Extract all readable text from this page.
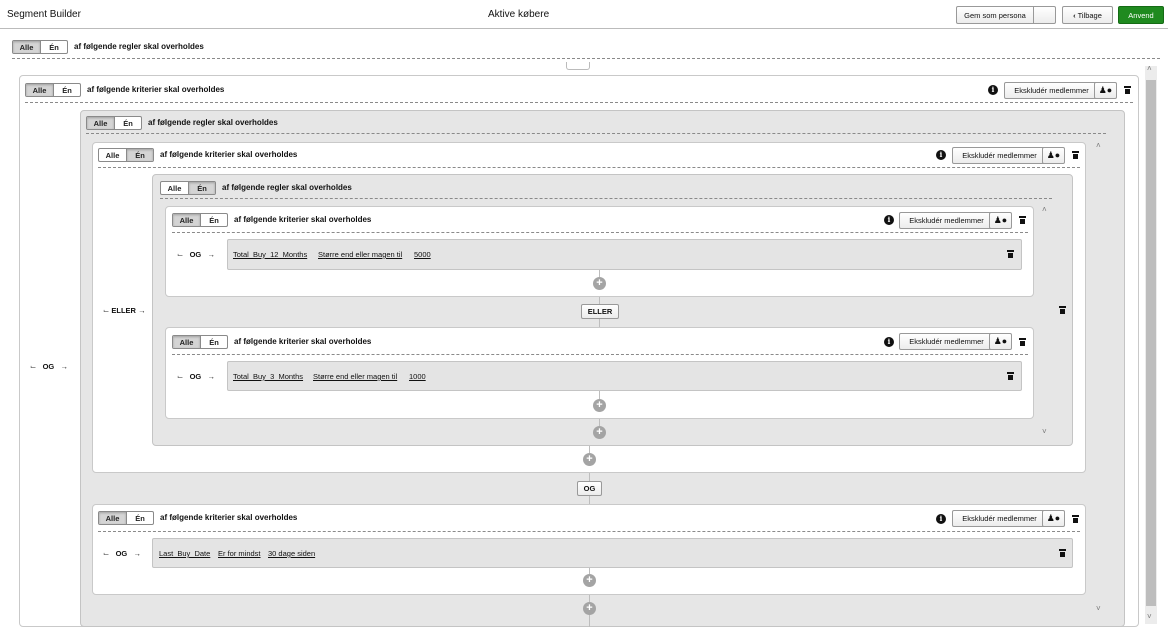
Segment Builder	Aktive købere	Gem som persona	‹ Tilbage	Anvend
Alle	Én	af følgende regler skal overholdes
˄
˅
Alle	Én	af følgende kriterier skal overholdes	i	Ekskludér medlemmer	♟●
⌙ OG   →
Alle	Én	af følgende regler skal overholdes
˄
˅
Alle	Én	af følgende kriterier skal overholdes	i	Ekskludér medlemmer	♟●
⌙ ELLER →
Alle	Én	af følgende regler skal overholdes
˄
˅
Alle	Én	af følgende kriterier skal overholdes	i	Ekskludér medlemmer	♟●
⌙ OG   → Total_Buy_12_Months Større end eller magen til 5000
+
ELLER
Alle	Én	af følgende kriterier skal overholdes	i	Ekskludér medlemmer	♟●
⌙ OG   → Total_Buy_3_Months Større end eller magen til 1000
+
+
+
OG
Alle	Én	af følgende kriterier skal overholdes	i	Ekskludér medlemmer	♟●
⌙ OG   → Last_Buy_Date Er for mindst 30 dage siden
+
+
